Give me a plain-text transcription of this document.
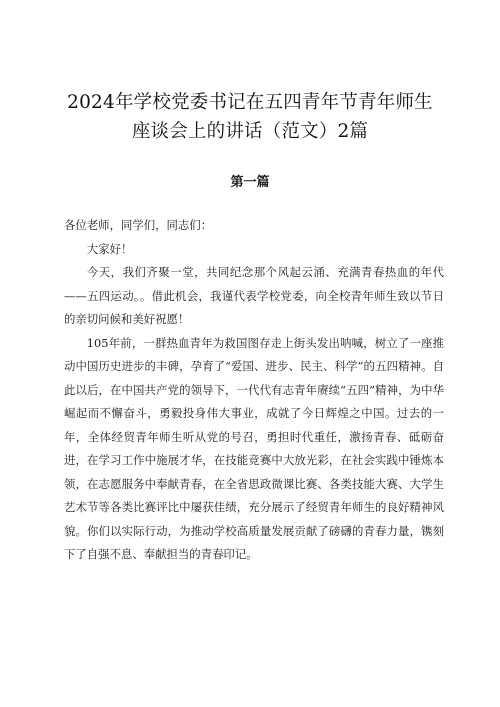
2024年学校党委书记在五四青年节青年师生
座谈会上的讲话（范文）2篇
第一篇

各位老师，同学们，同志们：

大家好！

今天，我们齐聚一堂，共同纪念那个风起云涌、充满青春热血的年代——五四运动。。借此机会，我谨代表学校党委，向全校青年师生致以节日的亲切问候和美好祝愿！

105年前，一群热血青年为救国图存走上街头发出呐喊，树立了一座推动中国历史进步的丰碑，孕育了“爱国、进步、民主、科学”的五四精神。自此以后，在中国共产党的领导下，一代代有志青年赓续“五四”精神，为中华崛起而不懈奋斗，勇毅投身伟大事业，成就了今日辉煌之中国。过去的一年，全体经贸青年师生听从党的号召，勇担时代重任，激扬青春、砥砺奋进，在学习工作中施展才华，在技能竞赛中大放光彩，在社会实践中锤炼本领，在志愿服务中奉献青春，在全省思政微课比赛、各类技能大赛、大学生艺术节等各类比赛评比中屡获佳绩，充分展示了经贸青年师生的良好精神风貌。你们以实际行动，为推动学校高质量发展贡献了磅礴的青春力量，镌刻下了自强不息、奉献担当的青春印记。
